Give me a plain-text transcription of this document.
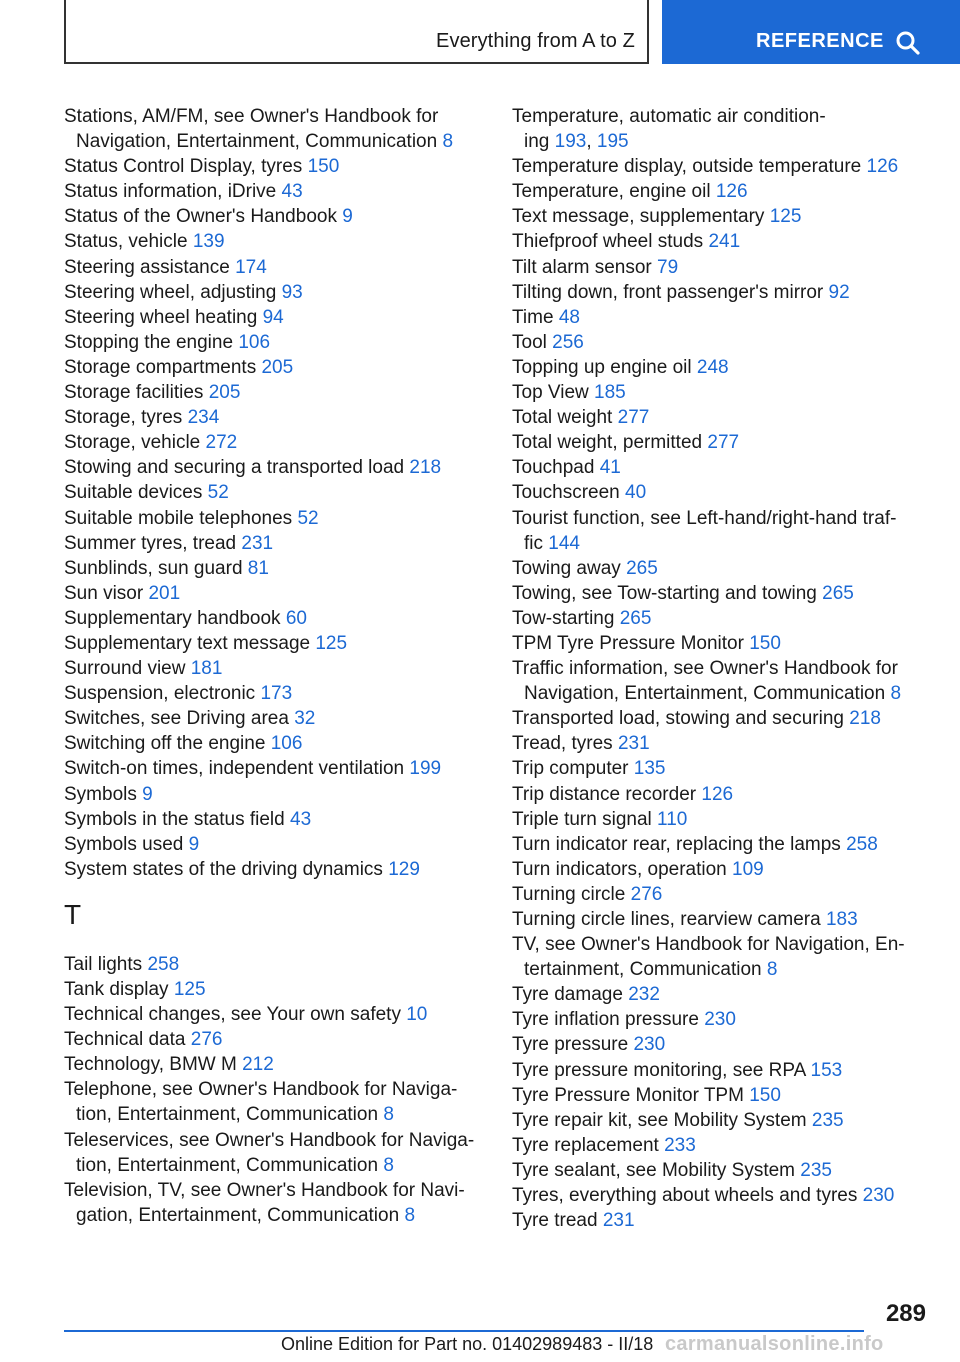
Everything from A to Z	REFERENCE
Stations, AM/FM, see Owner's Handbook for
Navigation, Entertainment, Communication 8
Status Control Display, tyres 150
Status information, iDrive 43
Status of the Owner's Handbook 9
Status, vehicle 139
Steering assistance 174
Steering wheel, adjusting 93
Steering wheel heating 94
Stopping the engine 106
Storage compartments 205
Storage facilities 205
Storage, tyres 234
Storage, vehicle 272
Stowing and securing a transported load 218
Suitable devices 52
Suitable mobile telephones 52
Summer tyres, tread 231
Sunblinds, sun guard 81
Sun visor 201
Supplementary handbook 60
Supplementary text message 125
Surround view 181
Suspension, electronic 173
Switches, see Driving area 32
Switching off the engine 106
Switch-on times, independent ventilation 199
Symbols 9
Symbols in the status field 43
Symbols used 9
System states of the driving dynamics 129
T
Tail lights 258
Tank display 125
Technical changes, see Your own safety 10
Technical data 276
Technology, BMW M 212
Telephone, see Owner's Handbook for Naviga-
tion, Entertainment, Communication 8
Teleservices, see Owner's Handbook for Naviga-
tion, Entertainment, Communication 8
Television, TV, see Owner's Handbook for Navi-
gation, Entertainment, Communication 8
Temperature, automatic air condition-
ing 193, 195
Temperature display, outside temperature 126
Temperature, engine oil 126
Text message, supplementary 125
Thiefproof wheel studs 241
Tilt alarm sensor 79
Tilting down, front passenger's mirror 92
Time 48
Tool 256
Topping up engine oil 248
Top View 185
Total weight 277
Total weight, permitted 277
Touchpad 41
Touchscreen 40
Tourist function, see Left-hand/right-hand traf-
fic 144
Towing away 265
Towing, see Tow-starting and towing 265
Tow-starting 265
TPM Tyre Pressure Monitor 150
Traffic information, see Owner's Handbook for
Navigation, Entertainment, Communication 8
Transported load, stowing and securing 218
Tread, tyres 231
Trip computer 135
Trip distance recorder 126
Triple turn signal 110
Turn indicator rear, replacing the lamps 258
Turn indicators, operation 109
Turning circle 276
Turning circle lines, rearview camera 183
TV, see Owner's Handbook for Navigation, En-
tertainment, Communication 8
Tyre damage 232
Tyre inflation pressure 230
Tyre pressure 230
Tyre pressure monitoring, see RPA 153
Tyre Pressure Monitor TPM 150
Tyre repair kit, see Mobility System 235
Tyre replacement 233
Tyre sealant, see Mobility System 235
Tyres, everything about wheels and tyres 230
Tyre tread 231
289
Online Edition for Part no. 01402989483 - II/18 carmanualsonline.info
